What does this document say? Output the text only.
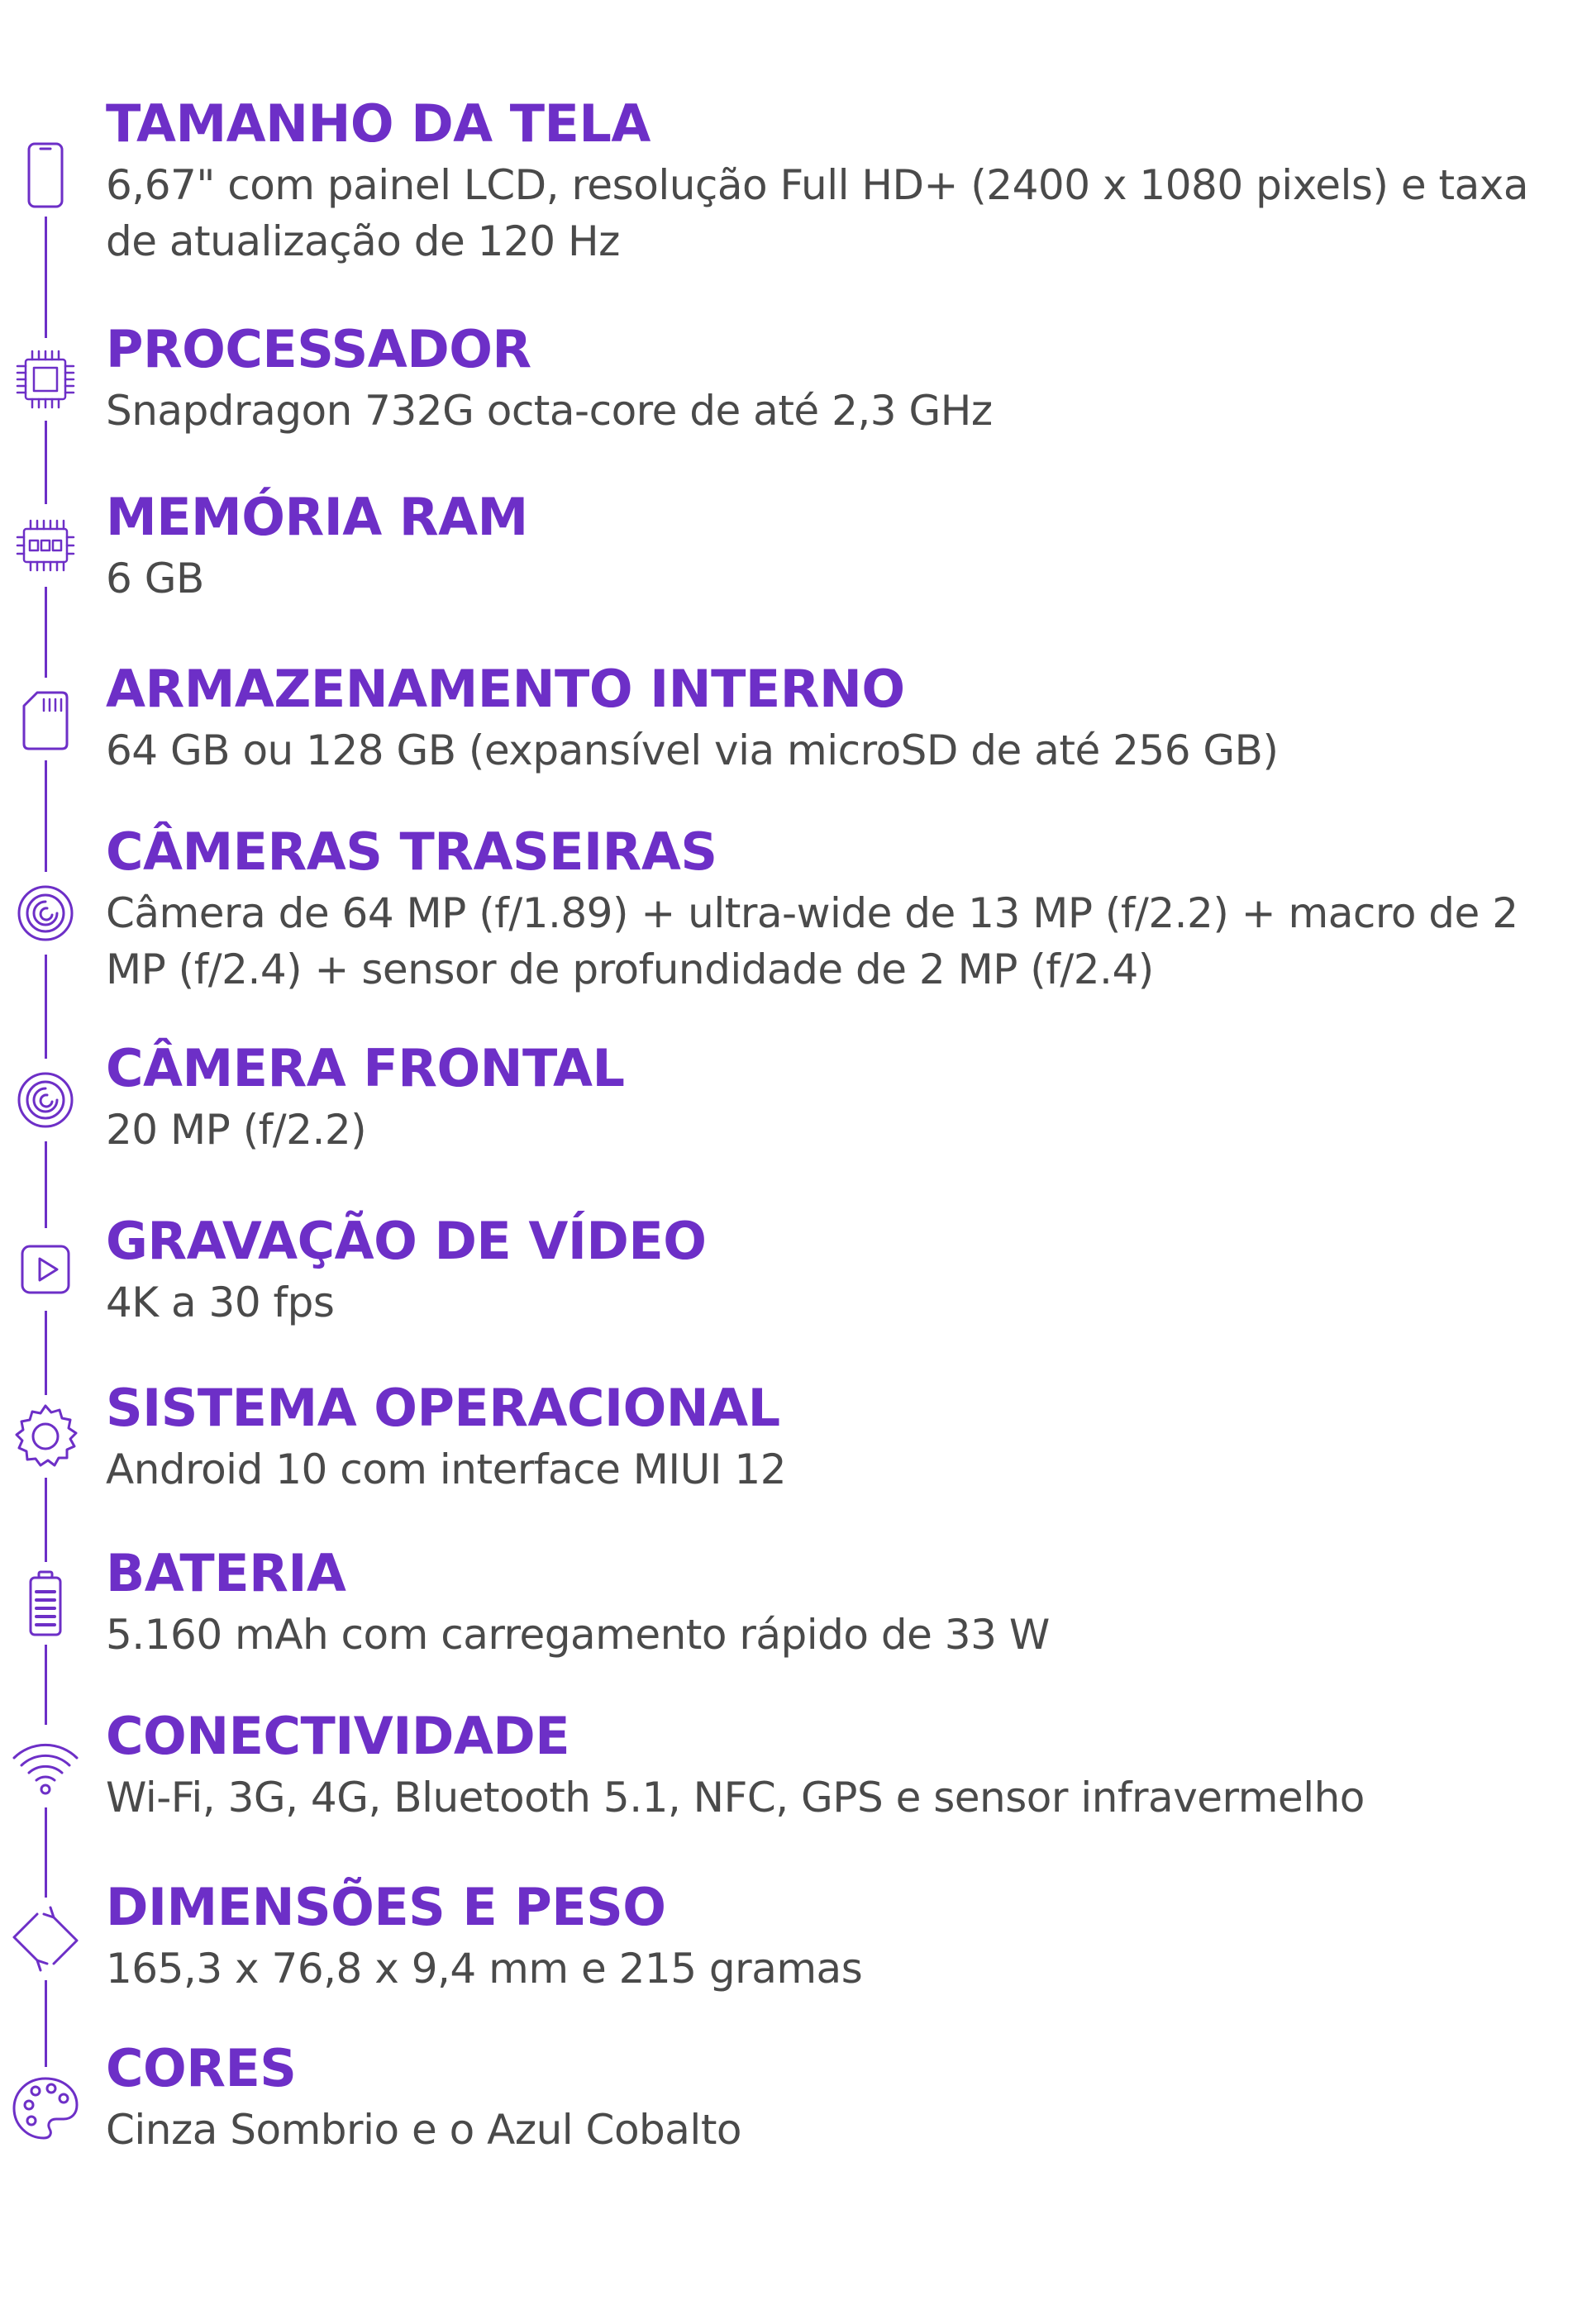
TAMANHO DA TELA

6,67" com painel LCD, resolução Full HD+ (2400 x 1080 pixels) e taxa de atualização de 120 Hz

PROCESSADOR

Snapdragon 732G octa-core de até 2,3 GHz

MEMÓRIA RAM

6 GB

ARMAZENAMENTO INTERNO

64 GB ou 128 GB (expansível via microSD de até 256 GB)

CÂMERAS TRASEIRAS

Câmera de 64 MP (f/1.89) + ultra-wide de 13 MP (f/2.2) + macro de 2 MP (f/2.4) + sensor de profundidade de 2 MP (f/2.4)

CÂMERA FRONTAL

20 MP (f/2.2)

GRAVAÇÃO DE VÍDEO

4K a 30 fps

SISTEMA OPERACIONAL

Android 10 com interface MIUI 12

BATERIA

5.160 mAh com carregamento rápido de 33 W

CONECTIVIDADE

Wi-Fi, 3G, 4G, Bluetooth 5.1, NFC, GPS e sensor infravermelho

DIMENSÕES E PESO

165,3 x 76,8 x 9,4 mm e 215 gramas

CORES

Cinza Sombrio e o Azul Cobalto
